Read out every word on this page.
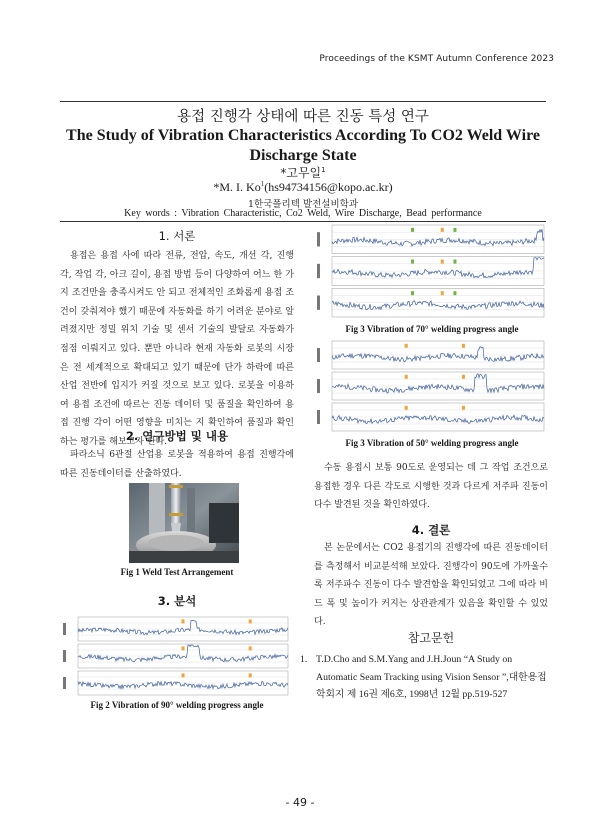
Proceedings of the KSMT Autumn Conference 2023
용접 진행각 상태에 따른 진동 특성 연구
The Study of Vibration Characteristics According To CO2 Weld Wire Discharge State
*고무일$^1$
*M. I. Ko$^1$(hs94734156@kopo.ac.kr)
1한국폴리텍 발전설비학과
Key words : Vibration Characteristic, Co2 Weld, Wire Discharge, Bead performance
1. 서론
용접은 용접 사에 따라 전류, 전압, 속도, 개선 각, 진행 각, 작업 각, 아크 길이, 용접 방법 등이 다양하여 어느 한 가지 조건만을 충족시켜도 안 되고 전체적인 조화롭게 용접 조건이 갖춰져야 했기 때문에 자동화를 하기 어려운 분야로 알려졌지만 정밀 위치 기술 및 센서 기술의 발달로 자동화가 점점 이뤄지고 있다. 뿐만 아니라 현재 자동화 로봇의 시장은 전 세계적으로 확대되고 있기 때문에 단가 하락에 따른 산업 전반에 입지가 커질 것으로 보고 있다. 로봇을 이용하여 용접 조건에 따르는 진동 데이터 및 품질을 확인하여 용접 진행 각이 어떤 영향을 미치는 지 확인하여 품질과 확인하는 평가를 해보고자 한다.
2. 연구방법 및 내용
파라소닉 6관절 산업용 로봇을 적용하여 용접 진행각에 따른 진동데이터를 산출하였다.
Fig 1 Weld Test Arrangement
3. 분석
Fig 2 Vibration of 90° welding progress angle
Fig 3 Vibration of 70° welding progress angle
Fig 3 Vibration of 50° welding progress angle
수동 용접시 보통 90도로 운영되는 데 그 작업 조건으로 용접한 경우 다른 각도로 시행한 것과 다르게 저주파 진동이 다수 발견된 것을 확인하였다.
4. 결론
본 논문에서는 CO2 용접기의 진행각에 따른 진동데이터를 측정해서 비교분석해 보았다. 진행각이 90도에 가까울수록 저주파수 진동이 다수 발견함을 확인되었고 그에 따라 비드 폭 및 높이가 커지는 상관관계가 있음을 확인할 수 있었다.
참고문헌
1. T.D.Cho and S.M.Yang and J.H.Joun “A Study on Automatic Seam Tracking using Vision Sensor ”,대한용접학회지 제 16권 제6호, 1998년 12월 pp.519-527
- 49 -
